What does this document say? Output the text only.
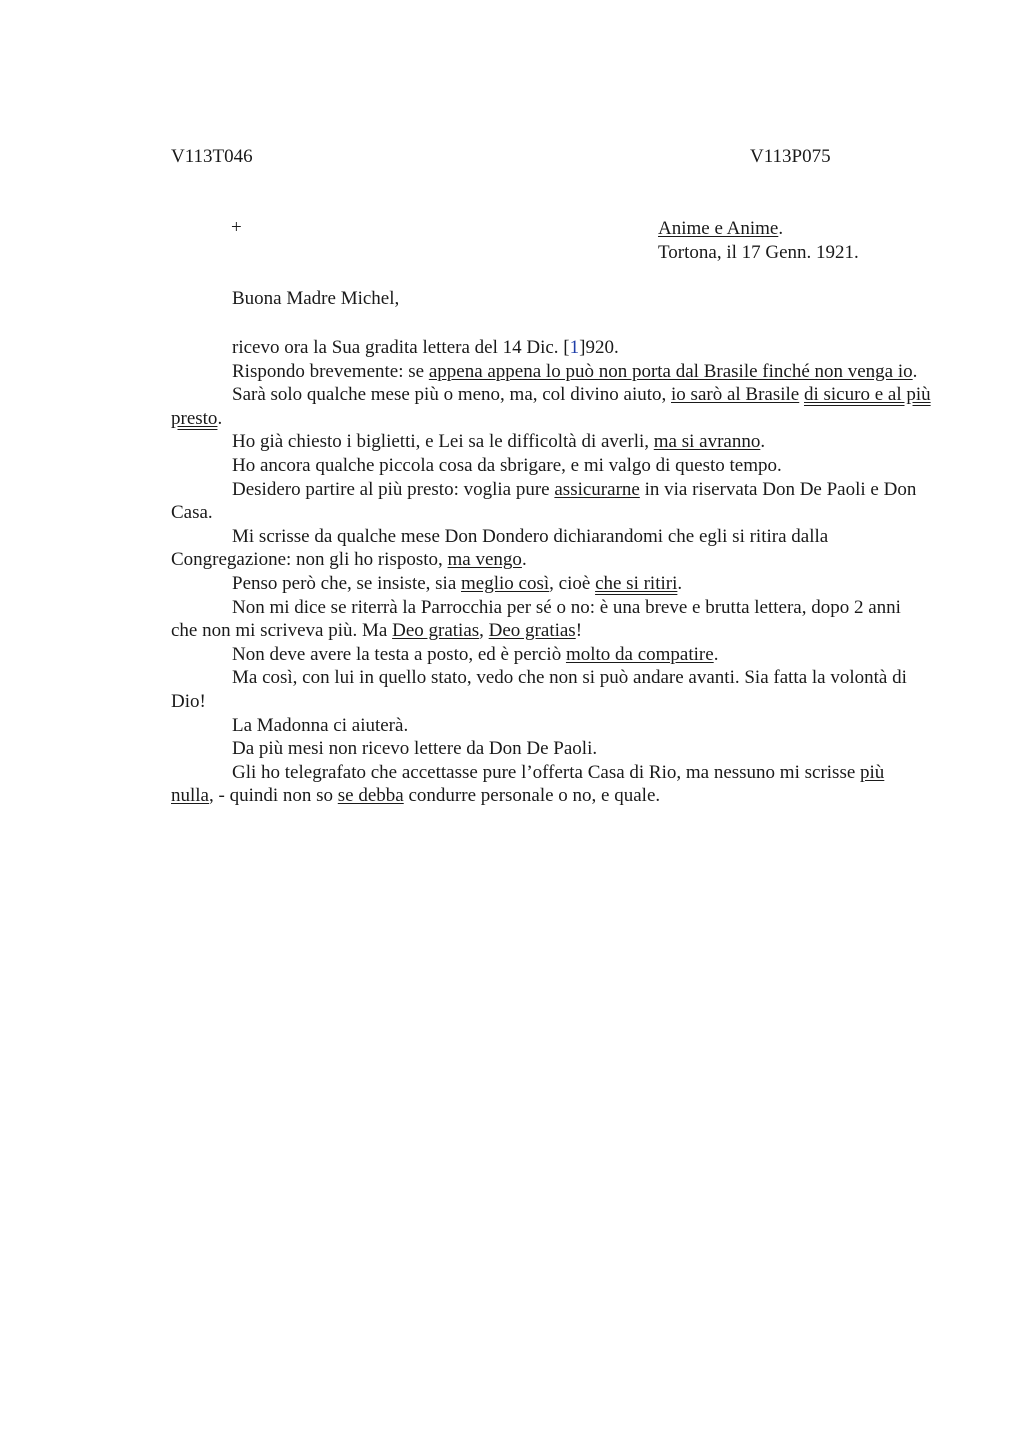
V113T046	V113P075
+	Anime e Anime.
Tortona, il 17 Genn. 1921.
Buona Madre Michel,

ricevo ora la Sua gradita lettera del 14 Dic. [1]920.

Rispondo brevemente: se appena appena lo può non porta dal Brasile finché non venga io.

Sarà solo qualche mese più o meno, ma, col divino aiuto, io sarò al Brasile di sicuro e al più presto.

Ho già chiesto i biglietti, e Lei sa le difficoltà di averli, ma si avranno.

Ho ancora qualche piccola cosa da sbrigare, e mi valgo di questo tempo.

Desidero partire al più presto: voglia pure assicurarne in via riservata Don De Paoli e Don Casa.

Mi scrisse da qualche mese Don Dondero dichiarandomi che egli si ritira dalla Congregazione: non gli ho risposto, ma vengo.

Penso però che, se insiste, sia meglio così, cioè che si ritiri.

Non mi dice se riterrà la Parrocchia per sé o no: è una breve e brutta lettera, dopo 2 anni che non mi scriveva più. Ma Deo gratias, Deo gratias!

Non deve avere la testa a posto, ed è perciò molto da compatire.

Ma così, con lui in quello stato, vedo che non si può andare avanti. Sia fatta la volontà di Dio!

La Madonna ci aiuterà.

Da più mesi non ricevo lettere da Don De Paoli.

Gli ho telegrafato che accettasse pure l’offerta Casa di Rio, ma nessuno mi scrisse più nulla, - quindi non so se debba condurre personale o no, e quale.
